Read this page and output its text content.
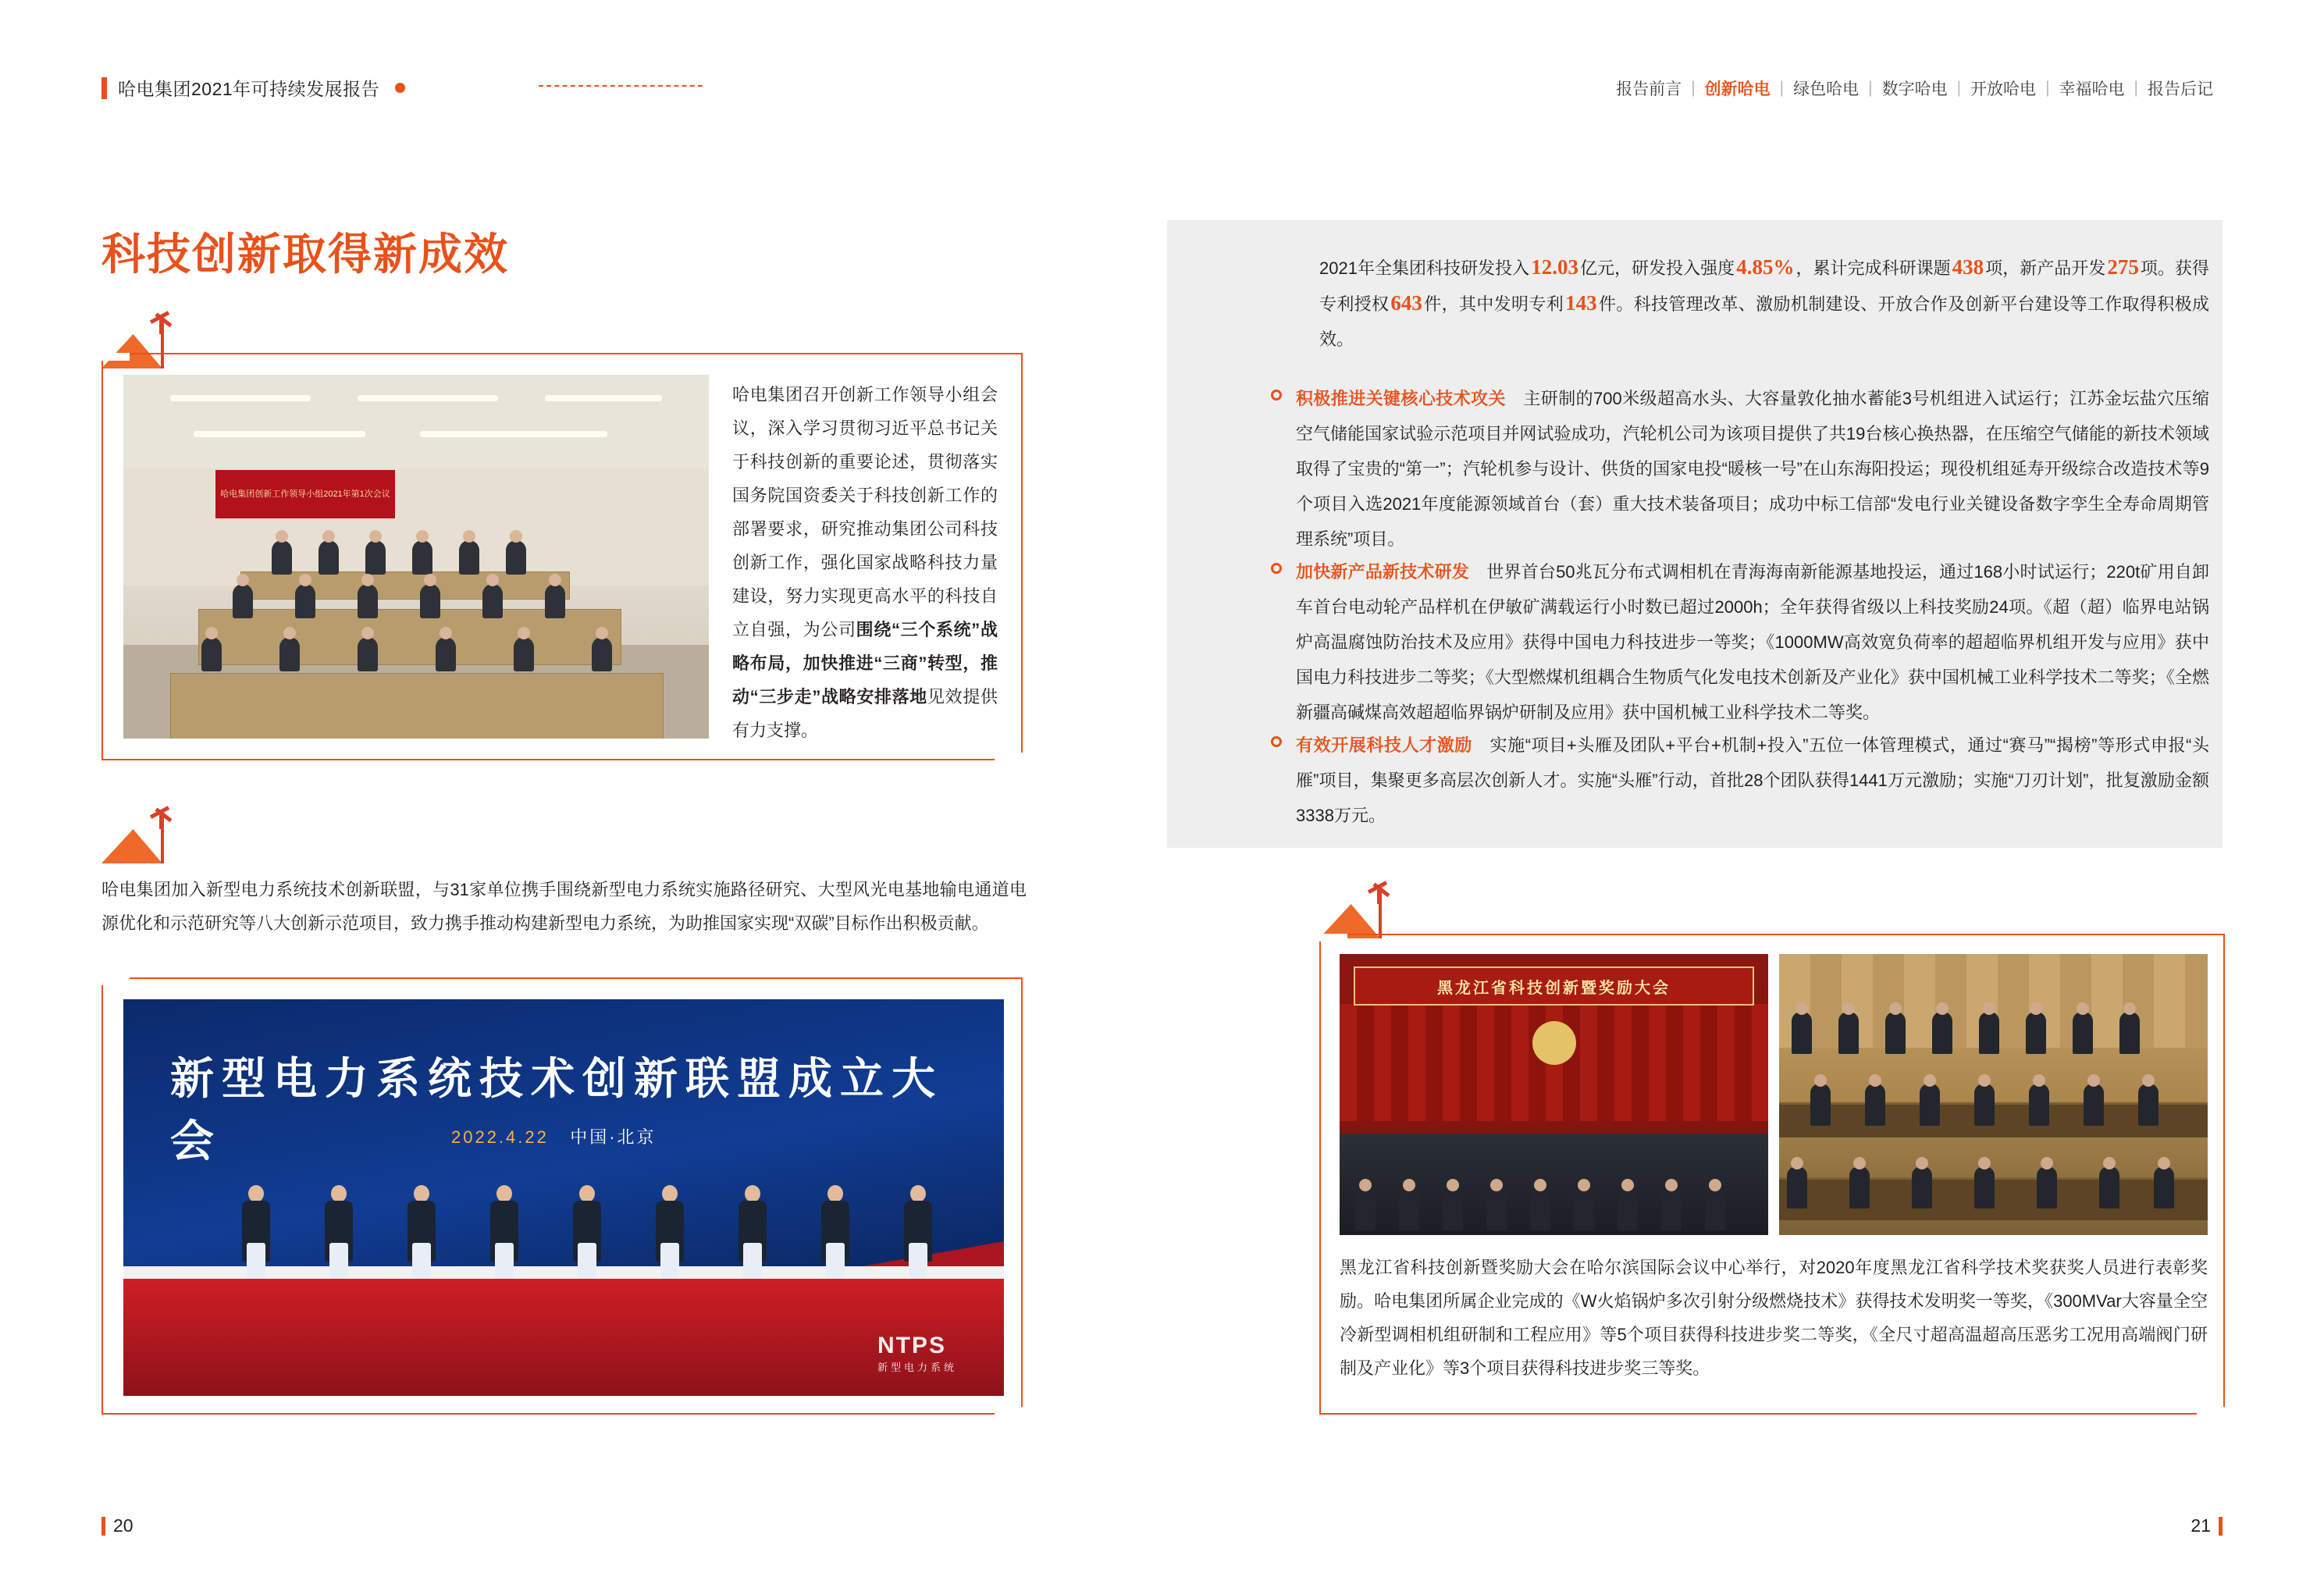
哈电集团2021年可持续发展报告	报告前言 | 创新哈电 | 绿色哈电 | 数字哈电 | 开放哈电 | 幸福哈电 | 报告后记
科技创新取得新成效
哈电集团创新工作领导小组2021年第1次会议
哈电集团召开创新工作领导小组会议，深入学习贯彻习近平总书记关于科技创新的重要论述，贯彻落实国务院国资委关于科技创新工作的部署要求，研究推动集团公司科技创新工作，强化国家战略科技力量建设，努力实现更高水平的科技自立自强，为公司围绕“三个系统”战略布局，加快推进“三商”转型，推动“三步走”战略安排落地见效提供有力支撑。
哈电集团加入新型电力系统技术创新联盟，与31家单位携手围绕新型电力系统实施路径研究、大型风光电基地输电通道电源优化和示范研究等八大创新示范项目，致力携手推动构建新型电力系统，为助推国家实现“双碳”目标作出积极贡献。
新型电力系统技术创新联盟成立大会	2022.4.22 中国·北京
NTPS
新型电力系统
2021年全集团科技研发投入12.03亿元，研发投入强度4.85%，累计完成科研课题438项，新产品开发275项。获得专利授权643件，其中发明专利143件。科技管理改革、激励机制建设、开放合作及创新平台建设等工作取得积极成效。
积极推进关键核心技术攻关　主研制的700米级超高水头、大容量敦化抽水蓄能3号机组进入试运行；江苏金坛盐穴压缩空气储能国家试验示范项目并网试验成功，汽轮机公司为该项目提供了共19台核心换热器，在压缩空气储能的新技术领域取得了宝贵的“第一”；汽轮机参与设计、供货的国家电投“暖核一号”在山东海阳投运；现役机组延寿开级综合改造技术等9个项目入选2021年度能源领域首台（套）重大技术装备项目；成功中标工信部“发电行业关键设备数字孪生全寿命周期管理系统”项目。
加快新产品新技术研发　世界首台50兆瓦分布式调相机在青海海南新能源基地投运，通过168小时试运行；220t矿用自卸车首台电动轮产品样机在伊敏矿满载运行小时数已超过2000h；全年获得省级以上科技奖励24项。《超（超）临界电站锅炉高温腐蚀防治技术及应用》获得中国电力科技进步一等奖；《1000MW高效宽负荷率的超超临界机组开发与应用》获中国电力科技进步二等奖；《大型燃煤机组耦合生物质气化发电技术创新及产业化》获中国机械工业科学技术二等奖；《全燃新疆高碱煤高效超超临界锅炉研制及应用》获中国机械工业科学技术二等奖。
有效开展科技人才激励　实施“项目+头雁及团队+平台+机制+投入”五位一体管理模式，通过“赛马”“揭榜”等形式申报“头雁”项目，集聚更多高层次创新人才。实施“头雁”行动，首批28个团队获得1441万元激励；实施“刀刃计划”，批复激励金额3338万元。
黑龙江省科技创新暨奖励大会
黑龙江省科技创新暨奖励大会在哈尔滨国际会议中心举行，对2020年度黑龙江省科学技术奖获奖人员进行表彰奖励。哈电集团所属企业完成的《W火焰锅炉多次引射分级燃烧技术》获得技术发明奖一等奖，《300MVar大容量全空冷新型调相机组研制和工程应用》等5个项目获得科技进步奖二等奖，《全尺寸超高温超高压恶劣工况用高端阀门研制及产业化》等3个项目获得科技进步奖三等奖。
20	21
